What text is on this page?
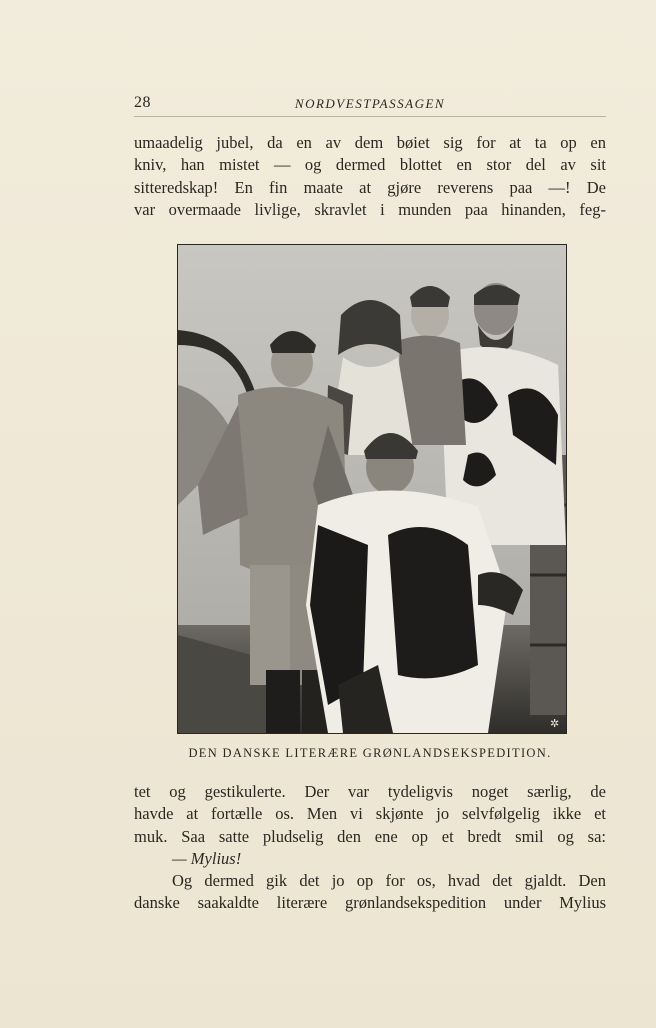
28	NORDVESTPASSAGEN
umaadelig jubel, da en av dem bøiet sig for at ta op en
kniv, han mistet — og dermed blottet en stor del av sit
sitteredskap! En fin maate at gjøre reverens paa —! De
var overmaade livlige, skravlet i munden paa hinanden, feg-
✲
DEN DANSKE LITERÆRE GRØNLANDSEKSPEDITION.
tet og gestikulerte. Der var tydeligvis noget særlig, de
havde at fortælle os. Men vi skjønte jo selvfølgelig ikke et
muk. Saa satte pludselig den ene op et bredt smil og sa:
— Mylius!
Og dermed gik det jo op for os, hvad det gjaldt. Den
danske saakaldte literære grønlandsekspedition under Mylius
